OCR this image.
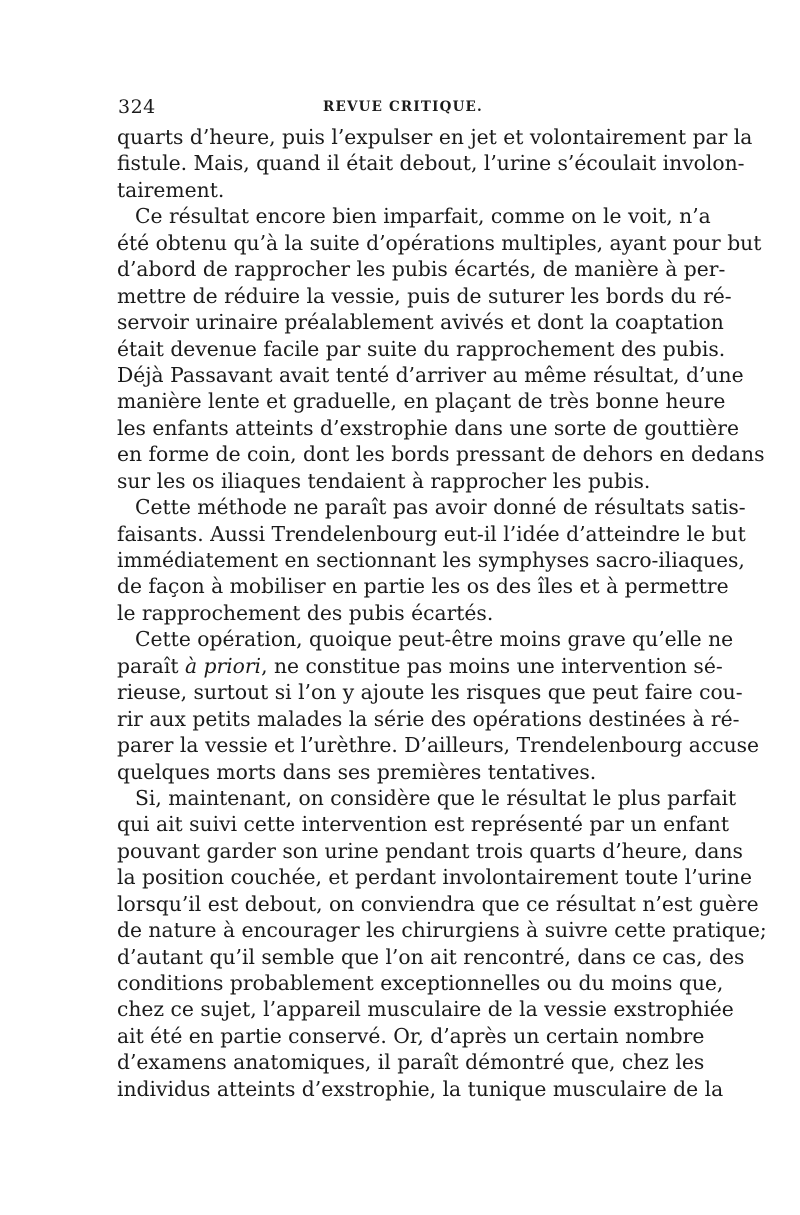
324	REVUE CRITIQUE.
quarts d’heure, puis l’expulser en jet et volontairement par la
fistule. Mais, quand il était debout, l’urine s’écoulait involon-
tairement.
Ce résultat encore bien imparfait, comme on le voit, n’a
été obtenu qu’à la suite d’opérations multiples, ayant pour but
d’abord de rapprocher les pubis écartés, de manière à per-
mettre de réduire la vessie, puis de suturer les bords du ré-
servoir urinaire préalablement avivés et dont la coaptation
était devenue facile par suite du rapprochement des pubis.
Déjà Passavant avait tenté d’arriver au même résultat, d’une
manière lente et graduelle, en plaçant de très bonne heure
les enfants atteints d’exstrophie dans une sorte de gouttière
en forme de coin, dont les bords pressant de dehors en dedans
sur les os iliaques tendaient à rapprocher les pubis.
Cette méthode ne paraît pas avoir donné de résultats satis-
faisants. Aussi Trendelenbourg eut-il l’idée d’atteindre le but
immédiatement en sectionnant les symphyses sacro-iliaques,
de façon à mobiliser en partie les os des îles et à permettre
le rapprochement des pubis écartés.
Cette opération, quoique peut-être moins grave qu’elle ne
paraît à priori, ne constitue pas moins une intervention sé-
rieuse, surtout si l’on y ajoute les risques que peut faire cou-
rir aux petits malades la série des opérations destinées à ré-
parer la vessie et l’urèthre. D’ailleurs, Trendelenbourg accuse
quelques morts dans ses premières tentatives.
Si, maintenant, on considère que le résultat le plus parfait
qui ait suivi cette intervention est représenté par un enfant
pouvant garder son urine pendant trois quarts d’heure, dans
la position couchée, et perdant involontairement toute l’urine
lorsqu’il est debout, on conviendra que ce résultat n’est guère
de nature à encourager les chirurgiens à suivre cette pratique;
d’autant qu’il semble que l’on ait rencontré, dans ce cas, des
conditions probablement exceptionnelles ou du moins que,
chez ce sujet, l’appareil musculaire de la vessie exstrophiée
ait été en partie conservé. Or, d’après un certain nombre
d’examens anatomiques, il paraît démontré que, chez les
individus atteints d’exstrophie, la tunique musculaire de la
